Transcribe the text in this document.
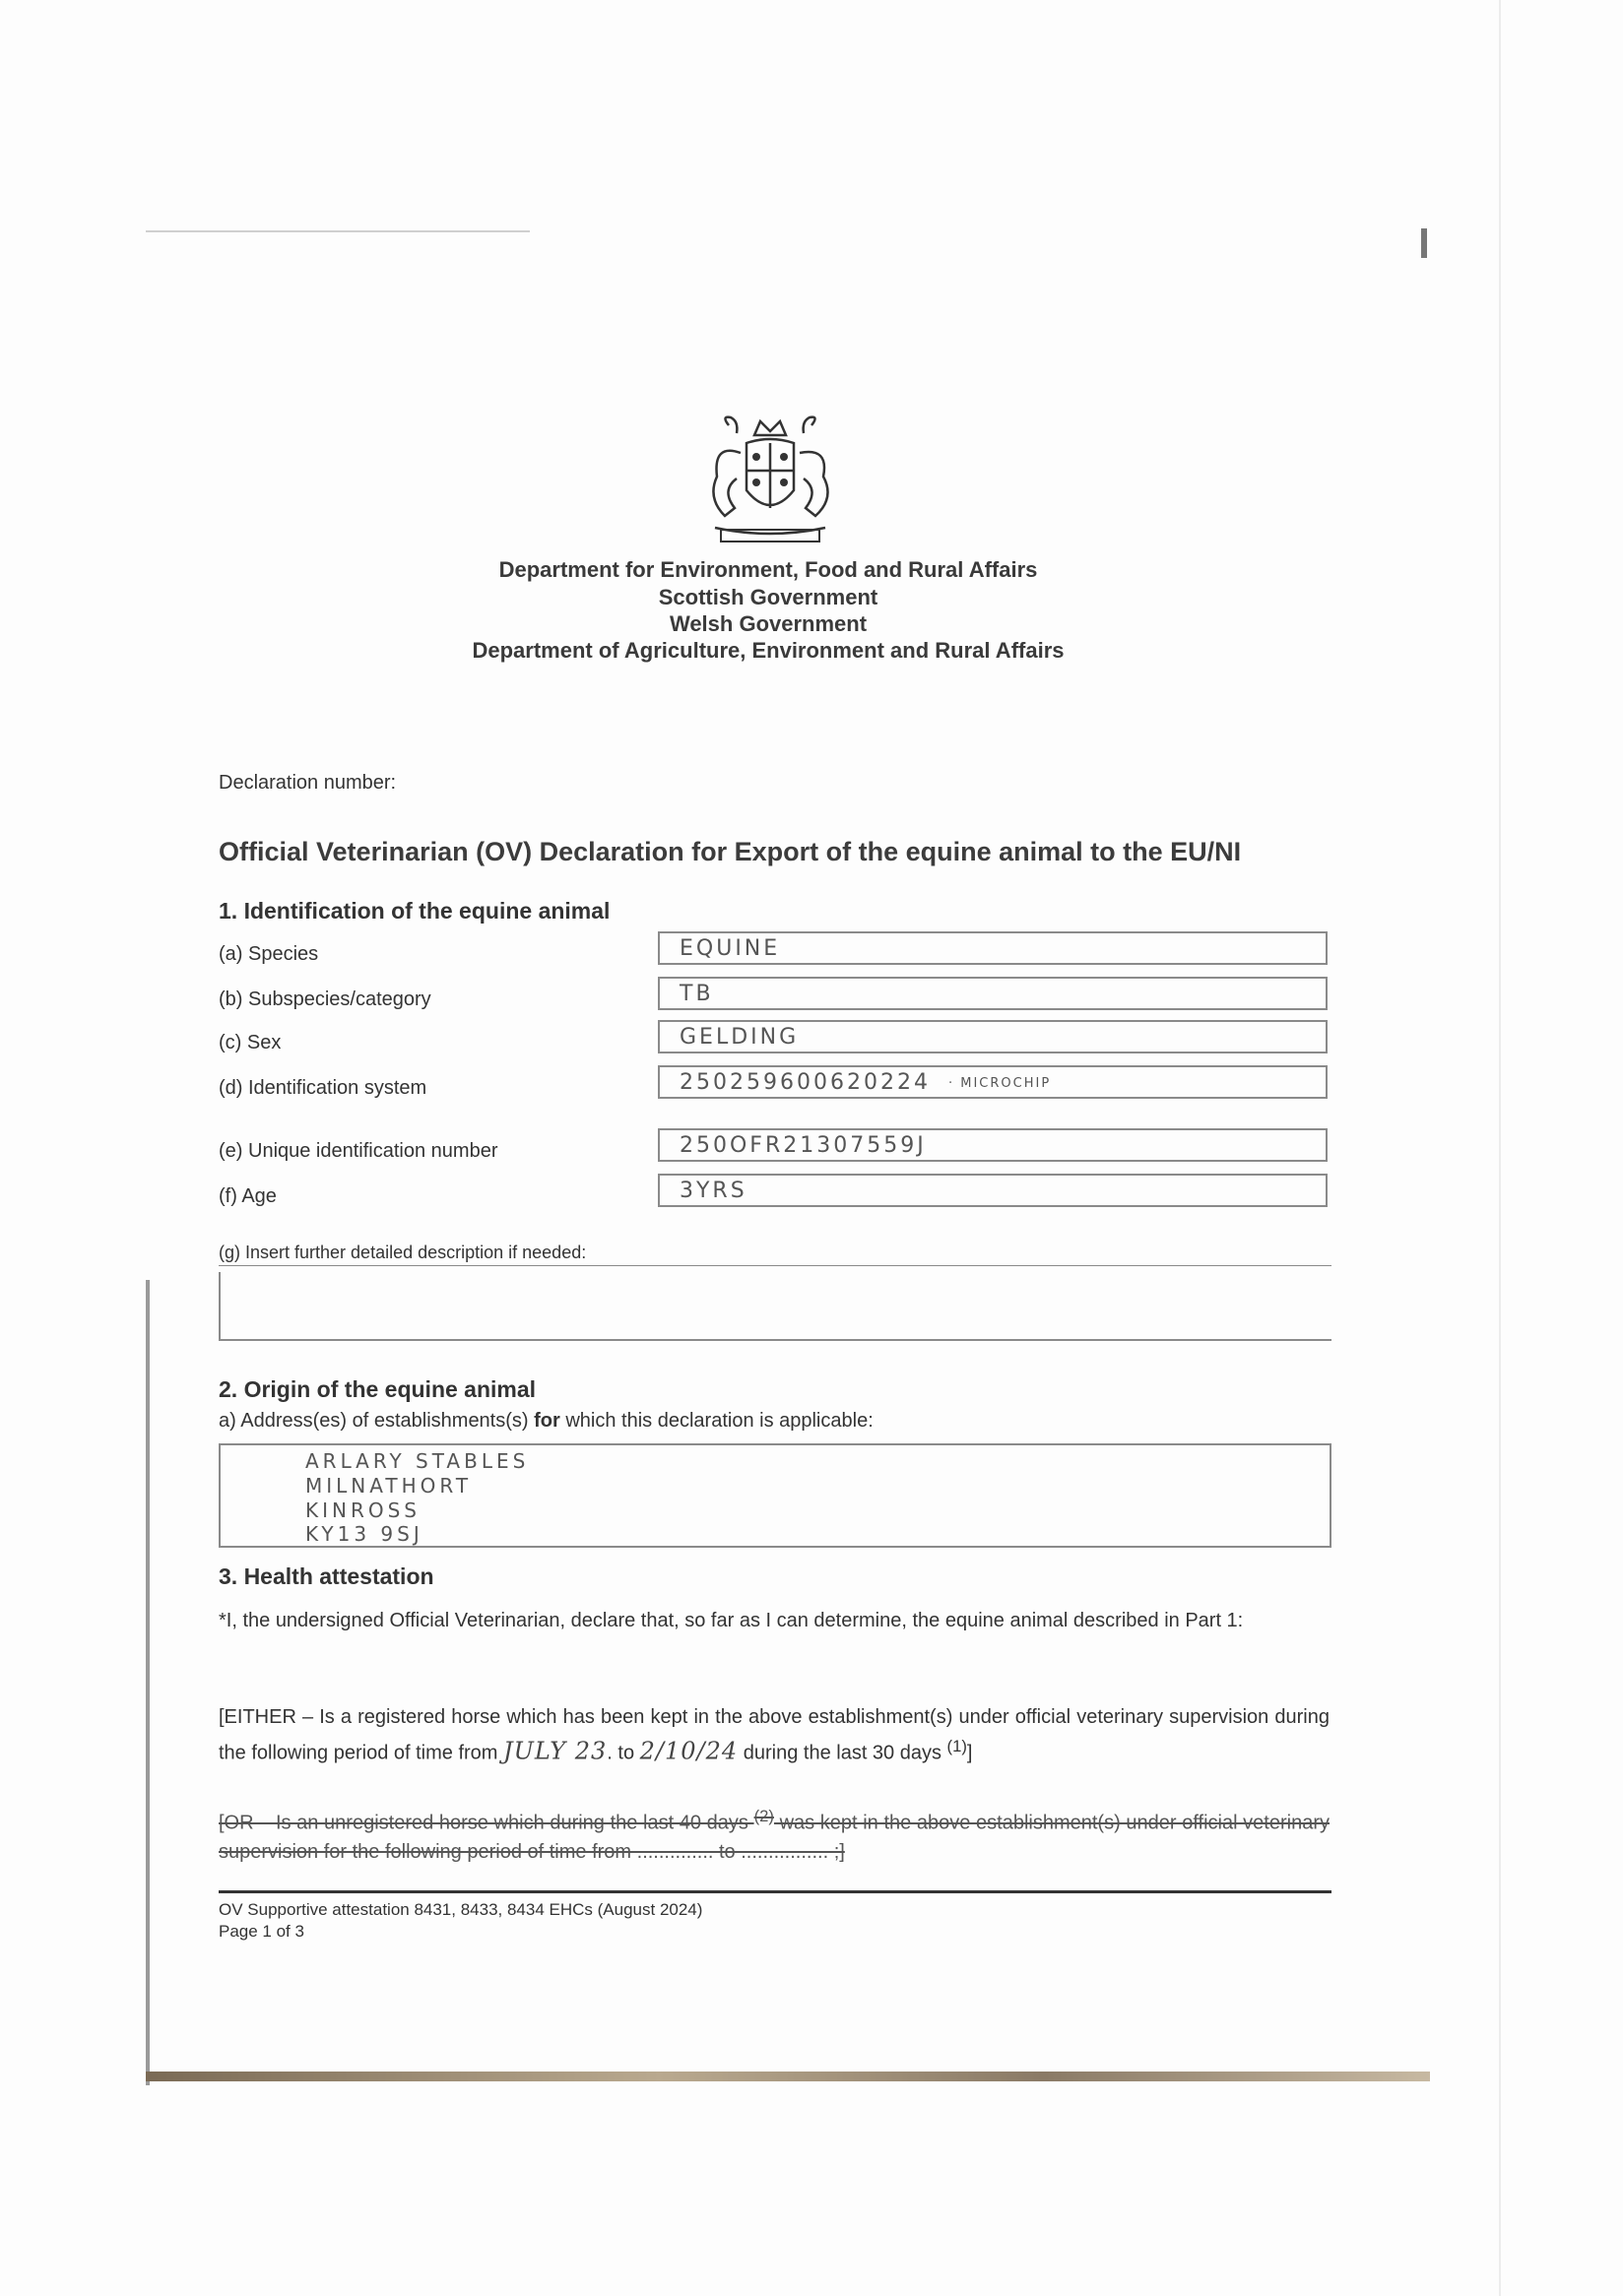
Department for Environment, Food and Rural Affairs
Scottish Government
Welsh Government
Department of Agriculture, Environment and Rural Affairs
Declaration number:
Official Veterinarian (OV) Declaration for Export of the equine animal to the EU/NI
1. Identification of the equine animal
(a) Species	EQUINE
(b) Subspecies/category	TB
(c) Sex	GELDING
(d) Identification system	250259600620224 · MICROCHIP
(e) Unique identification number	250OFR21307559J
(f) Age	3YRS
(g) Insert further detailed description if needed:
2. Origin of the equine animal
a) Address(es) of establishments(s) for which this declaration is applicable:
ARLARY STABLES
MILNATHORT
KINROSS
KY13 9SJ
3. Health attestation
*I, the undersigned Official Veterinarian, declare that, so far as I can determine, the equine animal described in Part 1:
[EITHER – Is a registered horse which has been kept in the above establishment(s) under official veterinary supervision during the following period of time from JULY 23. to 2/10/24 during the last 30 days $^{(1)}$]
[OR – Is an unregistered horse which during the last 40 days $^{(2)}$ was kept in the above establishment(s) under official veterinary supervision for the following period of time from .............. to ................ ;]
OV Supportive attestation 8431, 8433, 8434 EHCs (August 2024)
Page 1 of 3
